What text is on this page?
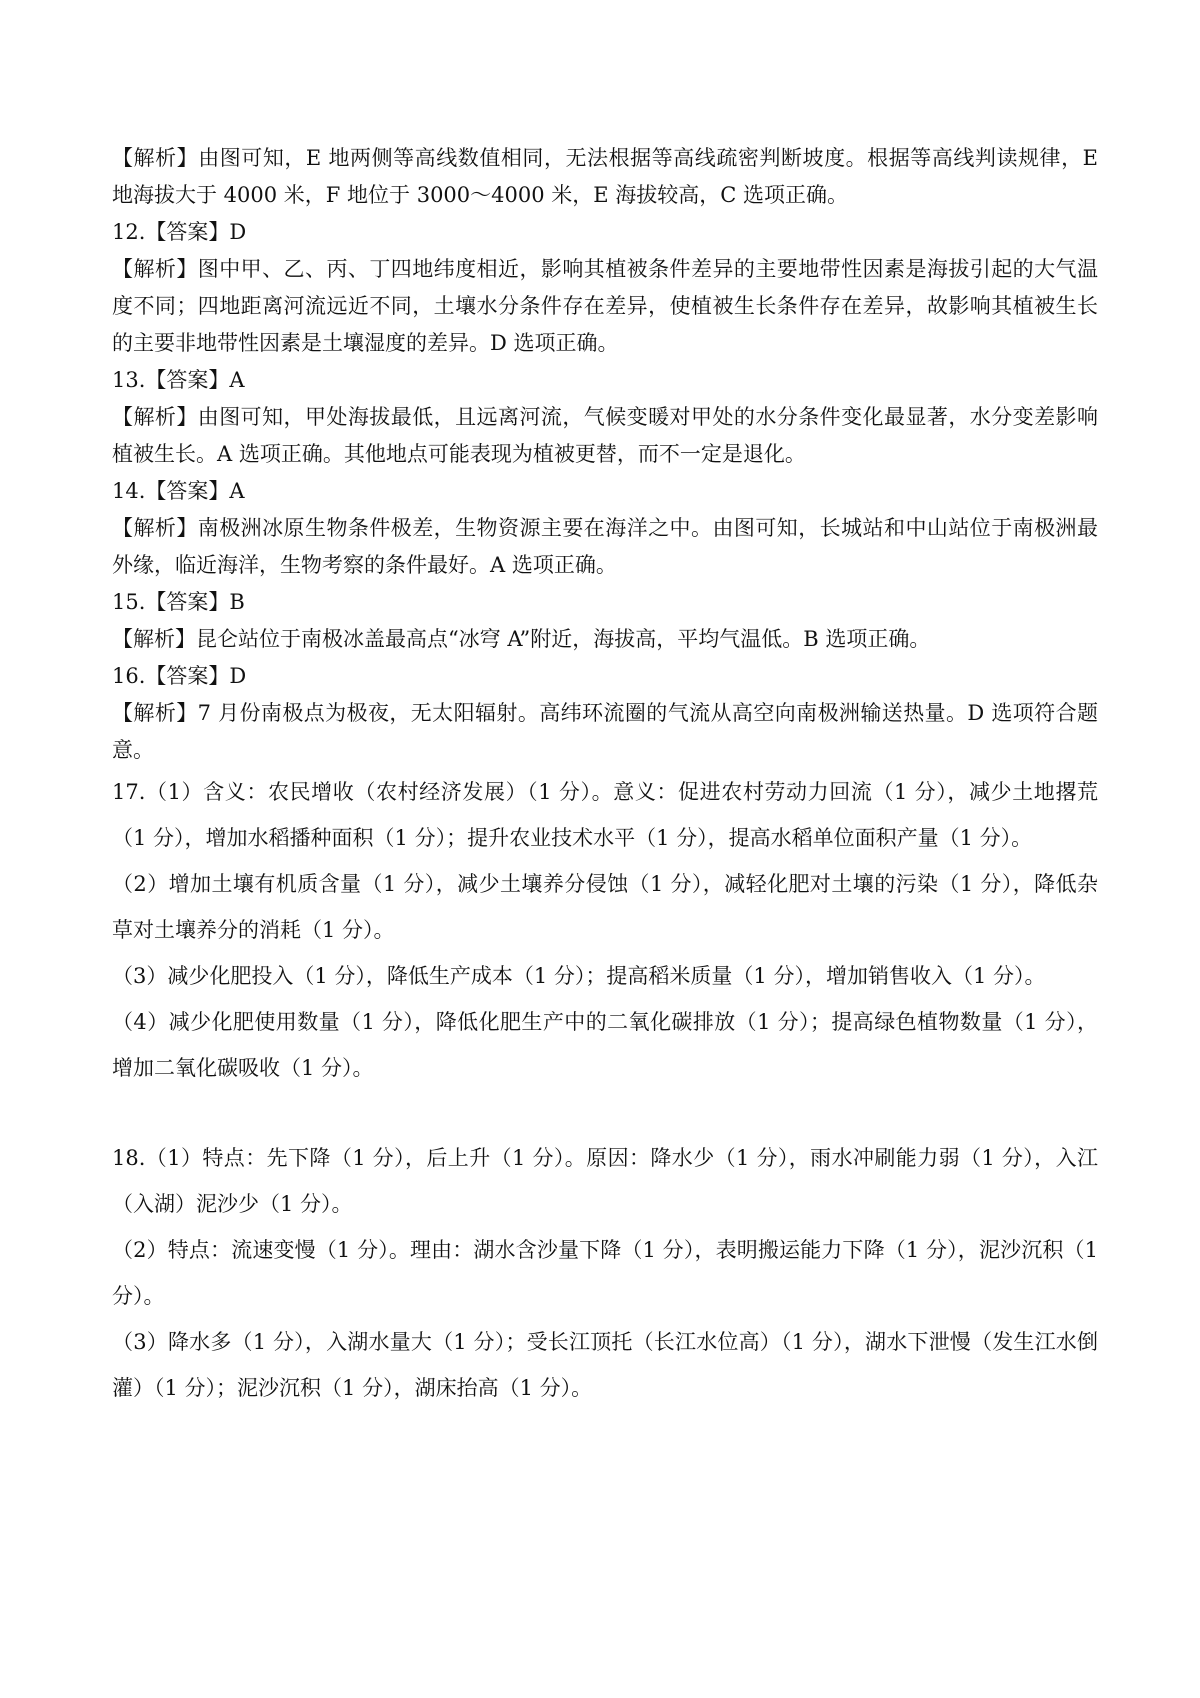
【解析】由图可知，E 地两侧等高线数值相同，无法根据等高线疏密判断坡度。根据等高线判读规律，E 地海拔大于 4000 米，F 地位于 3000～4000 米，E 海拔较高，C 选项正确。

12.【答案】D

【解析】图中甲、乙、丙、丁四地纬度相近，影响其植被条件差异的主要地带性因素是海拔引起的大气温度不同；四地距离河流远近不同，土壤水分条件存在差异，使植被生长条件存在差异，故影响其植被生长的主要非地带性因素是土壤湿度的差异。D 选项正确。

13.【答案】A

【解析】由图可知，甲处海拔最低，且远离河流，气候变暖对甲处的水分条件变化最显著，水分变差影响植被生长。A 选项正确。其他地点可能表现为植被更替，而不一定是退化。

14.【答案】A

【解析】南极洲冰原生物条件极差，生物资源主要在海洋之中。由图可知，长城站和中山站位于南极洲最外缘，临近海洋，生物考察的条件最好。A 选项正确。

15.【答案】B

【解析】昆仑站位于南极冰盖最高点“冰穹 A”附近，海拔高，平均气温低。B 选项正确。

16.【答案】D

【解析】7 月份南极点为极夜，无太阳辐射。高纬环流圈的气流从高空向南极洲输送热量。D 选项符合题意。

17.（1）含义：农民增收（农村经济发展）（1 分）。意义：促进农村劳动力回流（1 分），减少土地撂荒（1 分），增加水稻播种面积（1 分）；提升农业技术水平（1 分），提高水稻单位面积产量（1 分）。

（2）增加土壤有机质含量（1 分），减少土壤养分侵蚀（1 分），减轻化肥对土壤的污染（1 分），降低杂草对土壤养分的消耗（1 分）。

（3）减少化肥投入（1 分），降低生产成本（1 分）；提高稻米质量（1 分），增加销售收入（1 分）。

（4）减少化肥使用数量（1 分），降低化肥生产中的二氧化碳排放（1 分）；提高绿色植物数量（1 分），增加二氧化碳吸收（1 分）。

18.（1）特点：先下降（1 分），后上升（1 分）。原因：降水少（1 分），雨水冲刷能力弱（1 分），入江（入湖）泥沙少（1 分）。

（2）特点：流速变慢（1 分）。理由：湖水含沙量下降（1 分），表明搬运能力下降（1 分），泥沙沉积（1 分）。

（3）降水多（1 分），入湖水量大（1 分）；受长江顶托（长江水位高）（1 分），湖水下泄慢（发生江水倒灌）（1 分）；泥沙沉积（1 分），湖床抬高（1 分）。
